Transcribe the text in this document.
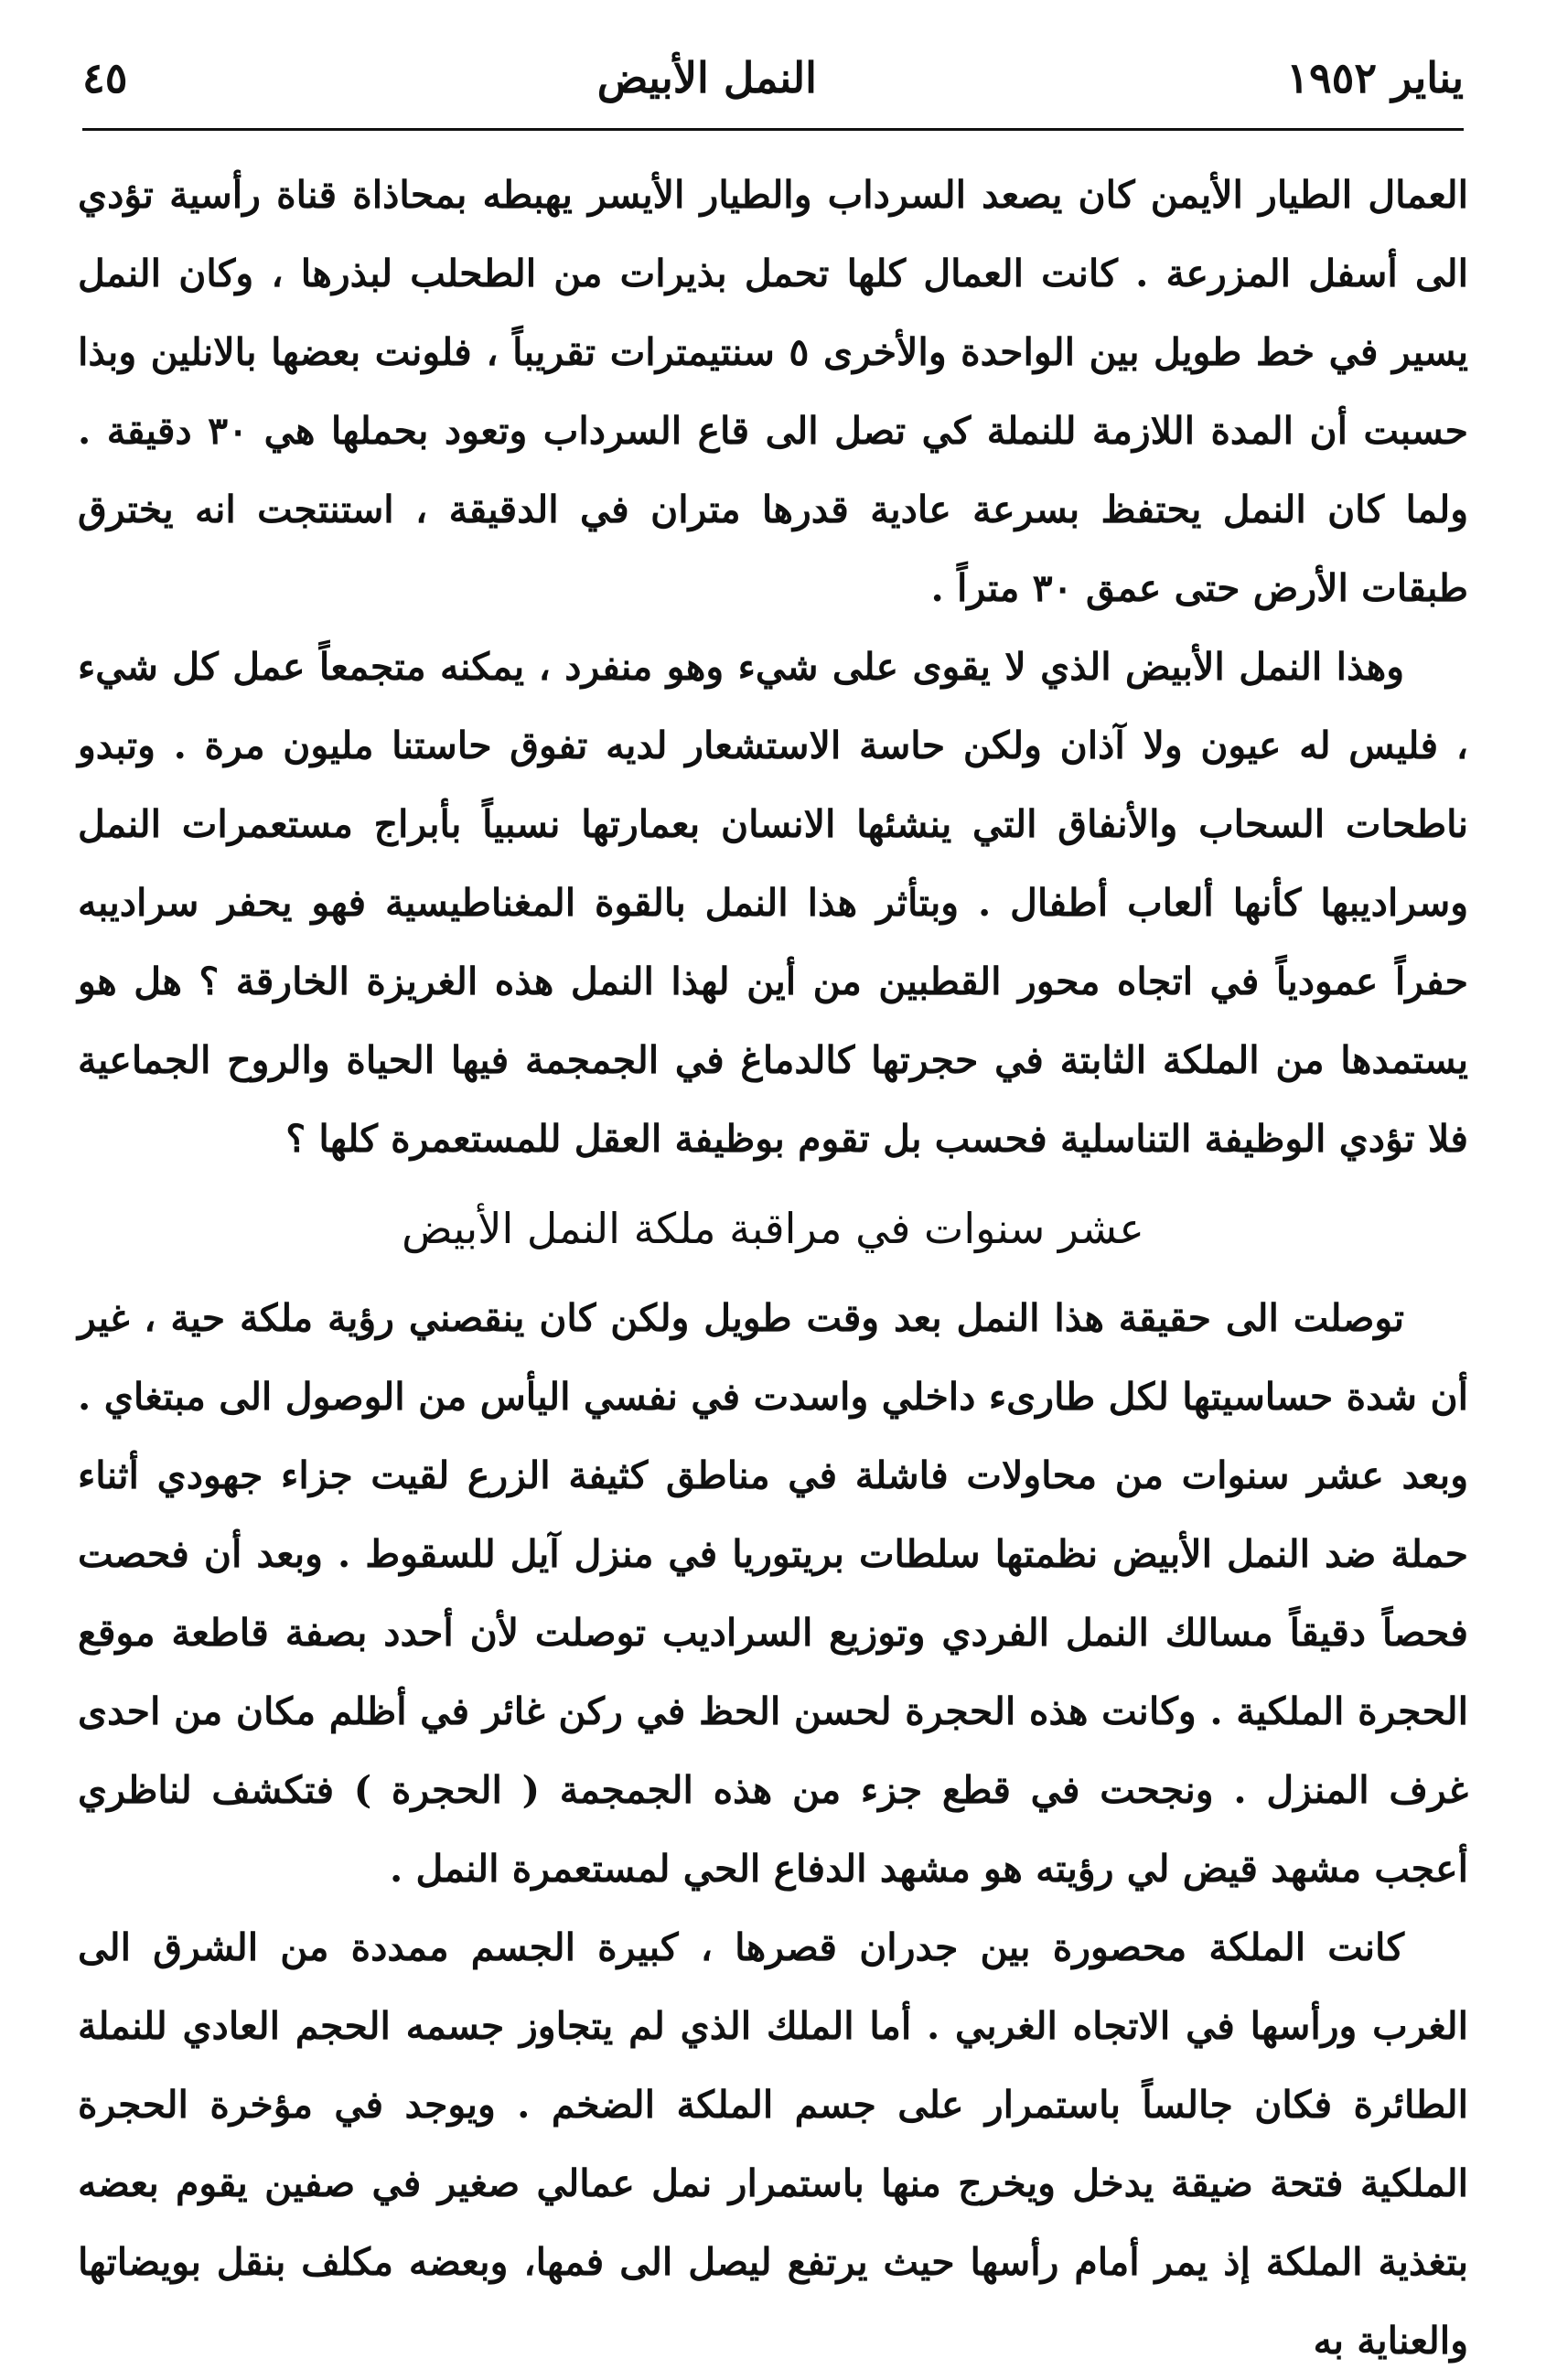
يناير ١٩٥٢
النمل الأبيض
٤٥

العمال الطيار الأيمن كان يصعد السرداب والطيار الأيسر يهبطه بمحاذاة قناة رأسية تؤدي الى أسفل المزرعة . كانت العمال كلها تحمل بذيرات من الطحلب لبذرها ، وكان النمل يسير في خط طويل بين الواحدة والأخرى ٥ سنتيمترات تقريباً ، فلونت بعضها بالانلين وبذا حسبت أن المدة اللازمة للنملة كي تصل الى قاع السرداب وتعود بحملها هي ٣٠ دقيقة . ولما كان النمل يحتفظ بسرعة عادية قدرها متران في الدقيقة ، استنتجت انه يخترق طبقات الأرض حتى عمق ٣٠ متراً .

وهذا النمل الأبيض الذي لا يقوى على شيء وهو منفرد ، يمكنه متجمعاً عمل كل شيء ، فليس له عيون ولا آذان ولكن حاسة الاستشعار لديه تفوق حاستنا مليون مرة . وتبدو ناطحات السحاب والأنفاق التي ينشئها الانسان بعمارتها نسبياً بأبراج مستعمرات النمل وسراديبها كأنها ألعاب أطفال . وبتأثر هذا النمل بالقوة المغناطيسية فهو يحفر سراديبه حفراً عمودياً في اتجاه محور القطبين من أين لهذا النمل هذه الغريزة الخارقة ؟ هل هو يستمدها من الملكة الثابتة في حجرتها كالدماغ في الجمجمة فيها الحياة والروح الجماعية فلا تؤدي الوظيفة التناسلية فحسب بل تقوم بوظيفة العقل للمستعمرة كلها ؟

عشر سنوات في مراقبة ملكة النمل الأبيض

توصلت الى حقيقة هذا النمل بعد وقت طويل ولكن كان ينقصني رؤية ملكة حية ، غير أن شدة حساسيتها لكل طارىء داخلي واسدت في نفسي اليأس من الوصول الى مبتغاي . وبعد عشر سنوات من محاولات فاشلة في مناطق كثيفة الزرع لقيت جزاء جهودي أثناء حملة ضد النمل الأبيض نظمتها سلطات بريتوريا في منزل آيل للسقوط . وبعد أن فحصت فحصاً دقيقاً مسالك النمل الفردي وتوزيع السراديب توصلت لأن أحدد بصفة قاطعة موقع الحجرة الملكية . وكانت هذه الحجرة لحسن الحظ في ركن غائر في أظلم مكان من احدى غرف المنزل . ونجحت في قطع جزء من هذه الجمجمة ( الحجرة ) فتكشف لناظري أعجب مشهد قيض لي رؤيته هو مشهد الدفاع الحي لمستعمرة النمل .

كانت الملكة محصورة بين جدران قصرها ، كبيرة الجسم ممددة من الشرق الى الغرب ورأسها في الاتجاه الغربي . أما الملك الذي لم يتجاوز جسمه الحجم العادي للنملة الطائرة فكان جالساً باستمرار على جسم الملكة الضخم . ويوجد في مؤخرة الحجرة الملكية فتحة ضيقة يدخل ويخرج منها باستمرار نمل عمالي صغير في صفين يقوم بعضه بتغذية الملكة إذ يمر أمام رأسها حيث يرتفع ليصل الى فمها، وبعضه مكلف بنقل بويضاتها والعناية به
